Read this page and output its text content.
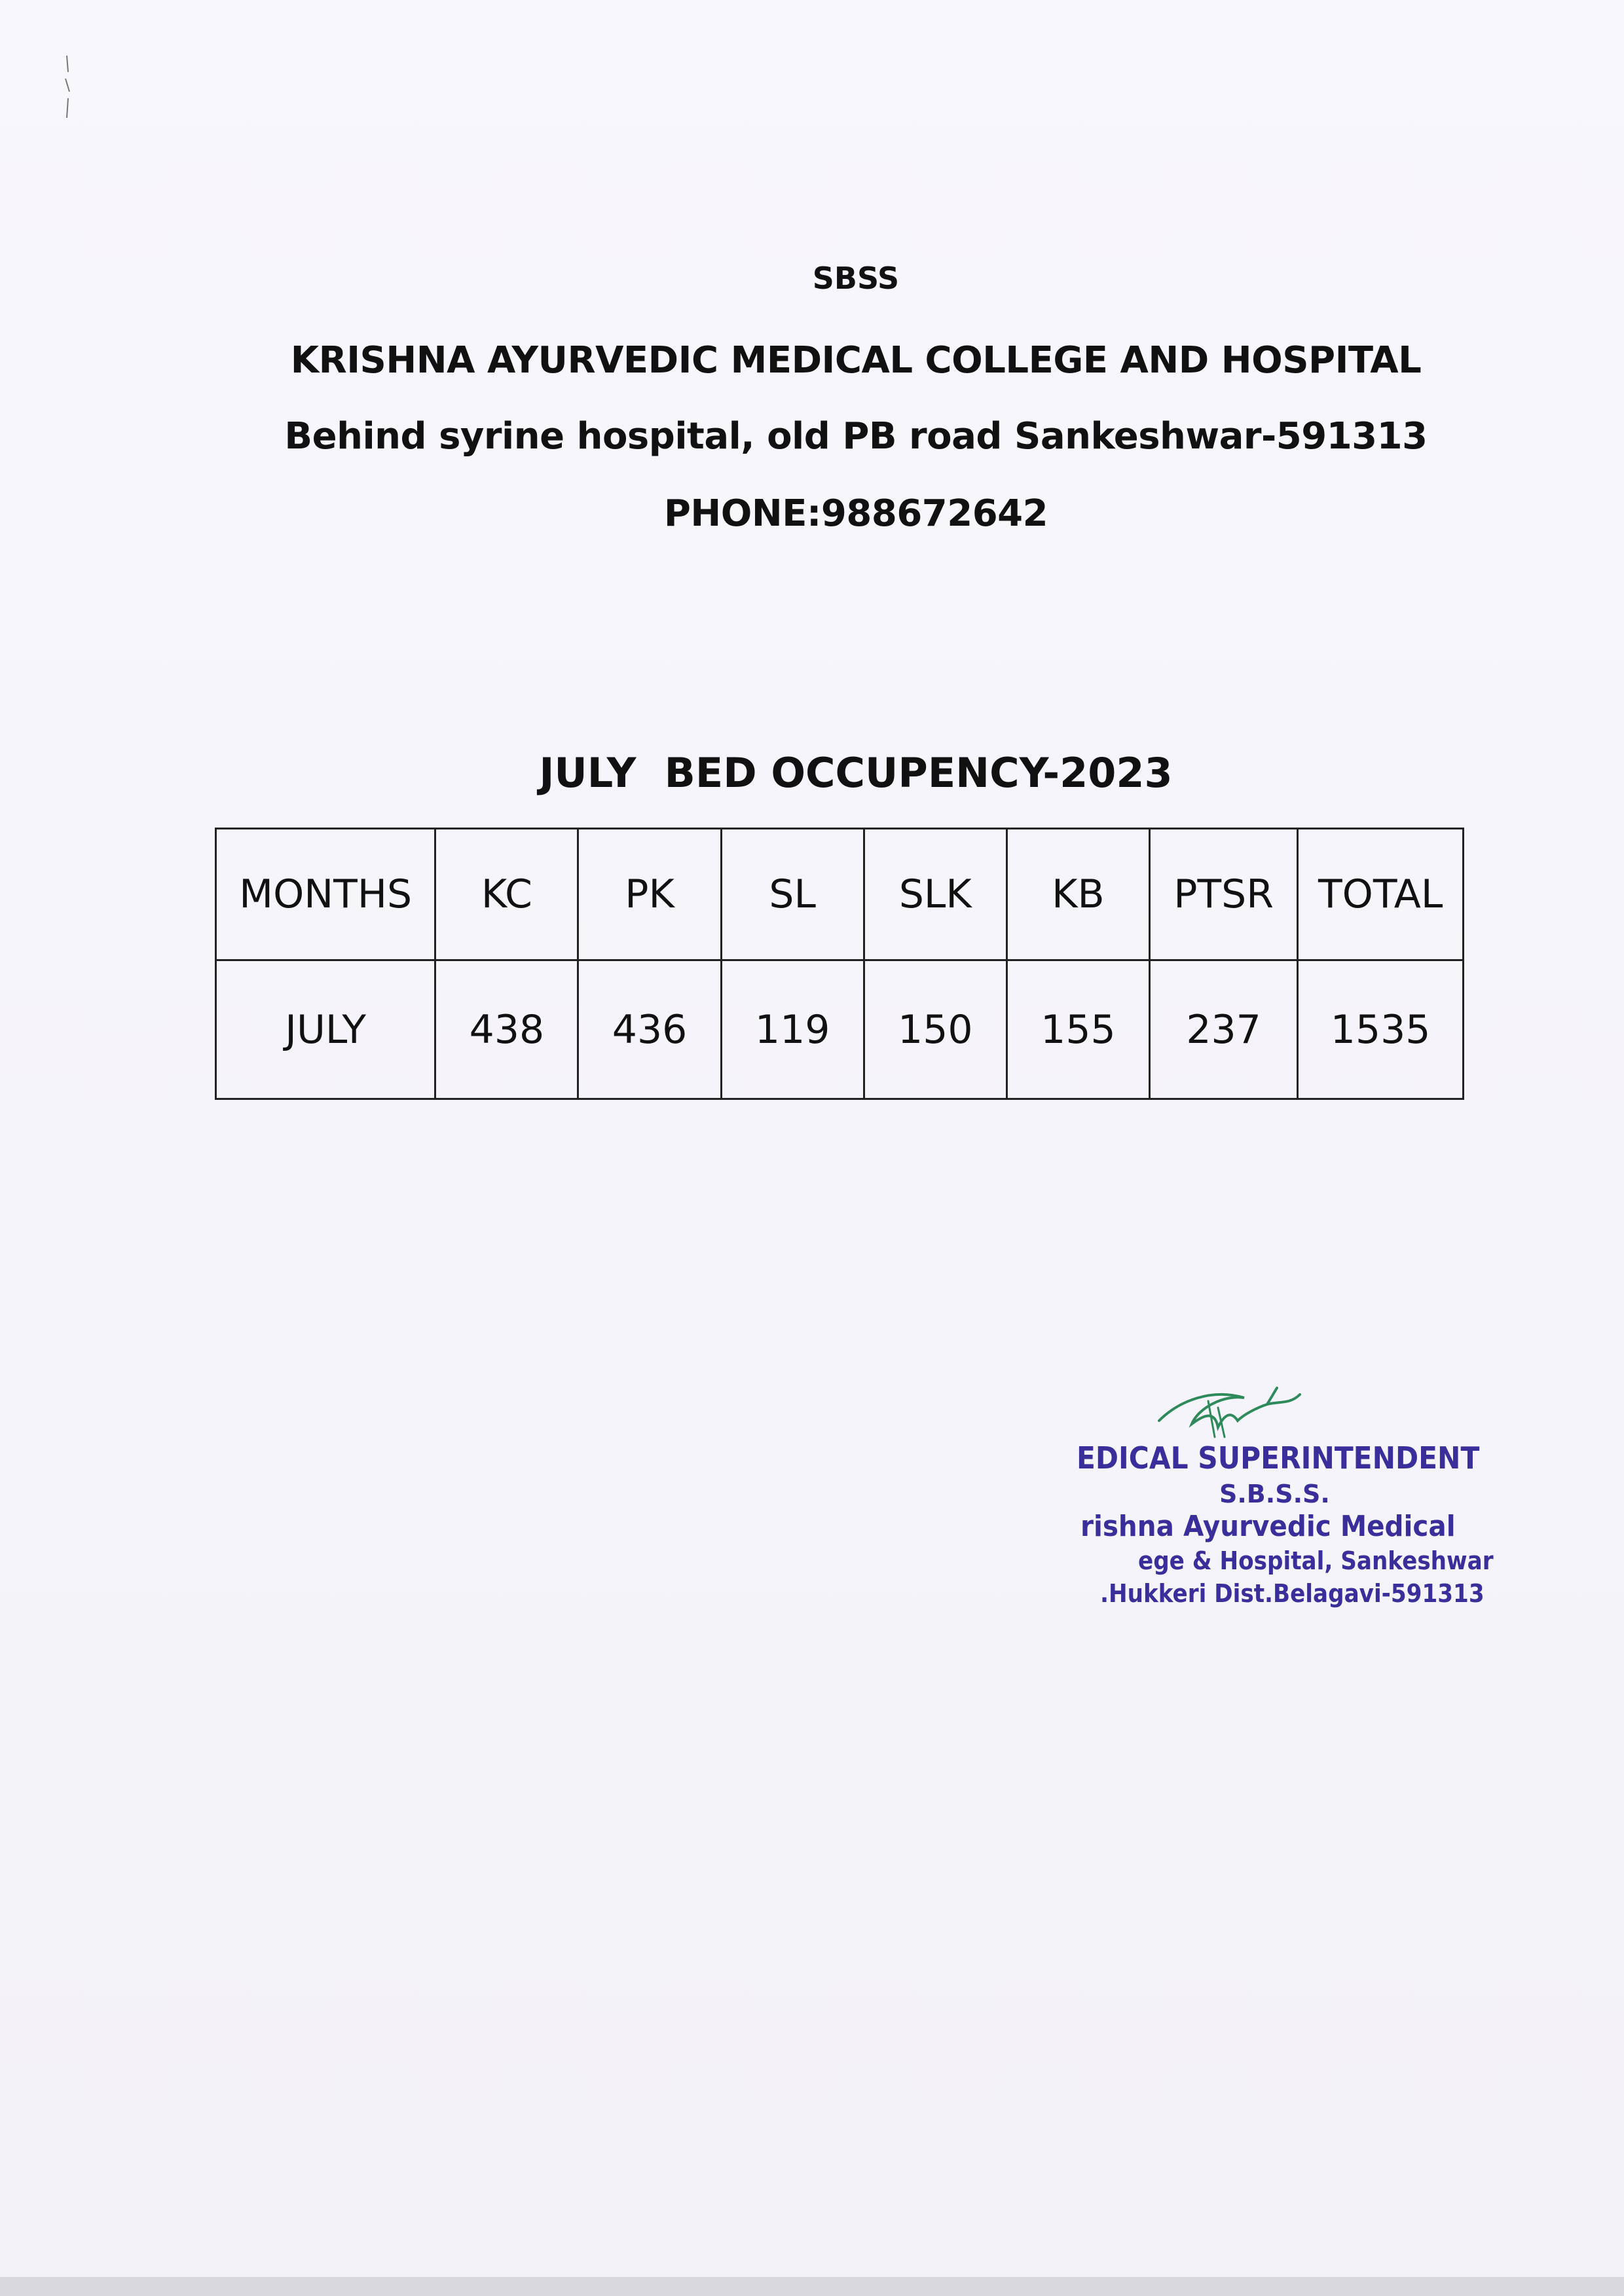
SBSS
KRISHNA AYURVEDIC MEDICAL COLLEGE AND HOSPITAL
Behind syrine hospital, old PB road Sankeshwar-591313
PHONE:988672642
JULY  BED OCCUPENCY-2023
MONTHS	KC	PK	SL	SLK	KB	PTSR	TOTAL
JULY	438	436	119	150	155	237	1535
EDICAL SUPERINTENDENT
S.B.S.S.
rishna Ayurvedic Medical
ege & Hospital, Sankeshwar
.Hukkeri Dist.Belagavi-591313
